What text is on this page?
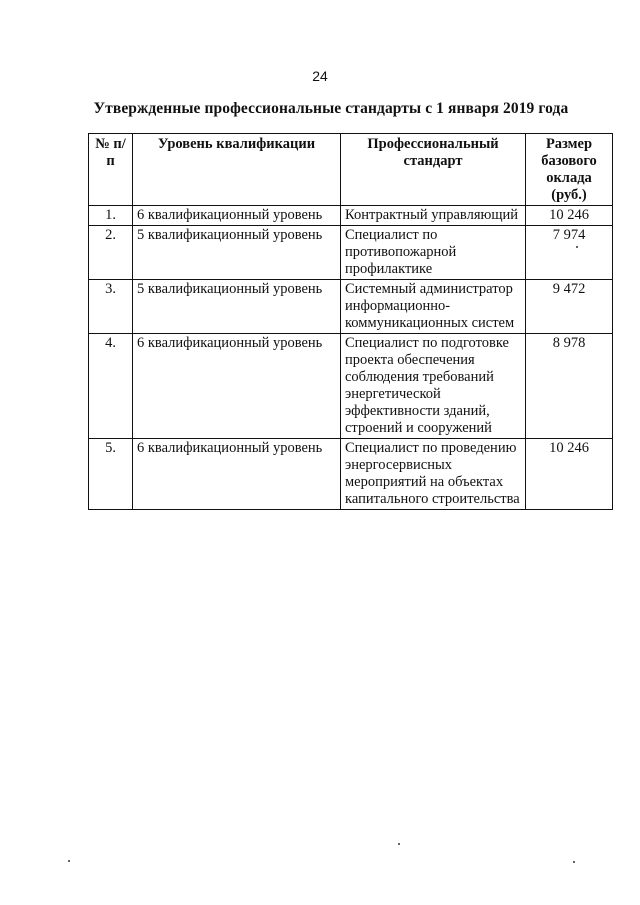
24
Утвержденные профессиональные стандарты с 1 января 2019 года
№ п/п	Уровень квалификации	Профессиональный стандарт	Размер базового оклада (руб.)
1.	6 квалификационный уровень	Контрактный управляющий	10 246
2.	5 квалификационный уровень	Специалист по противопожарной профилактике	7 974
3.	5 квалификационный уровень	Системный администратор информационно-коммуникационных систем	9 472
4.	6 квалификационный уровень	Специалист по подготовке проекта обеспечения соблюдения требований энергетической эффективности зданий, строений и сооружений	8 978
5.	6 квалификационный уровень	Специалист по проведению энергосервисных мероприятий на объектах капитального строительства	10 246
